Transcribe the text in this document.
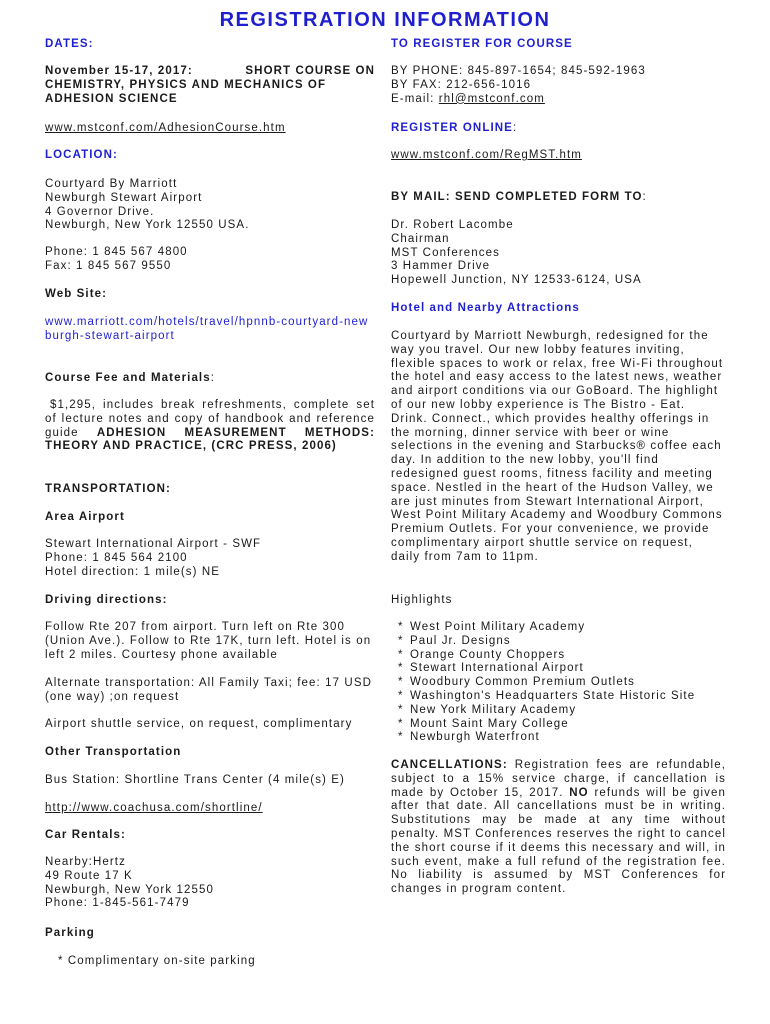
REGISTRATION INFORMATION
DATES:
November 15-17, 2017:	SHORT COURSE ON
CHEMISTRY, PHYSICS AND MECHANICS OF
ADHESION SCIENCE
www.mstconf.com/AdhesionCourse.htm
LOCATION:
Courtyard By Marriott
Newburgh Stewart Airport
4 Governor Drive.
Newburgh, New York 12550 USA.
Phone: 1 845 567 4800
Fax: 1 845 567 9550
Web Site:
www.marriott.com/hotels/travel/hpnnb-courtyard-newburgh-stewart-airport
Course Fee and Materials:
$1,295, includes break refreshments, complete set of lecture notes and copy of handbook and reference guide ADHESION MEASUREMENT METHODS: THEORY AND PRACTICE, (CRC PRESS, 2006)
TRANSPORTATION:
Area Airport
Stewart International Airport - SWF
Phone: 1 845 564 2100
Hotel direction: 1 mile(s) NE
Driving directions:
Follow Rte 207 from airport. Turn left on Rte 300 (Union Ave.). Follow to Rte 17K, turn left. Hotel is on left 2 miles. Courtesy phone available
Alternate transportation: All Family Taxi; fee: 17 USD (one way) ;on request
Airport shuttle service, on request, complimentary
Other Transportation
Bus Station: Shortline Trans Center (4 mile(s) E)
http://www.coachusa.com/shortline/
Car Rentals:
Nearby:Hertz
49 Route 17 K
Newburgh, New York 12550
Phone: 1-845-561-7479
Parking
* Complimentary on-site parking
TO REGISTER FOR COURSE
BY PHONE: 845-897-1654; 845-592-1963
BY FAX: 212-656-1016
E-mail: rhl@mstconf.com
REGISTER ONLINE:
www.mstconf.com/RegMST.htm
BY MAIL: SEND COMPLETED FORM TO:
Dr. Robert Lacombe
Chairman
MST Conferences
3 Hammer Drive
Hopewell Junction, NY 12533-6124, USA
Hotel and Nearby Attractions
Courtyard by Marriott Newburgh, redesigned for the way you travel. Our new lobby features inviting, flexible spaces to work or relax, free Wi-Fi throughout the hotel and easy access to the latest news, weather and airport conditions via our GoBoard. The highlight of our new lobby experience is The Bistro - Eat. Drink. Connect., which provides healthy offerings in the morning, dinner service with beer or wine selections in the evening and Starbucks® coffee each day. In addition to the new lobby, you'll find redesigned guest rooms, fitness facility and meeting space. Nestled in the heart of the Hudson Valley, we are just minutes from Stewart International Airport, West Point Military Academy and Woodbury Commons Premium Outlets. For your convenience, we provide complimentary airport shuttle service on request, daily from 7am to 11pm.
Highlights
* West Point Military Academy
* Paul Jr. Designs
* Orange County Choppers
* Stewart International Airport
* Woodbury Common Premium Outlets
* Washington's Headquarters State Historic Site
* New York Military Academy
* Mount Saint Mary College
* Newburgh Waterfront
CANCELLATIONS: Registration fees are refundable, subject to a 15% service charge, if cancellation is made by October 15, 2017. NO refunds will be given after that date. All cancellations must be in writing. Substitutions may be made at any time without penalty. MST Conferences reserves the right to cancel the short course if it deems this necessary and will, in such event, make a full refund of the registration fee. No liability is assumed by MST Conferences for changes in program content.
